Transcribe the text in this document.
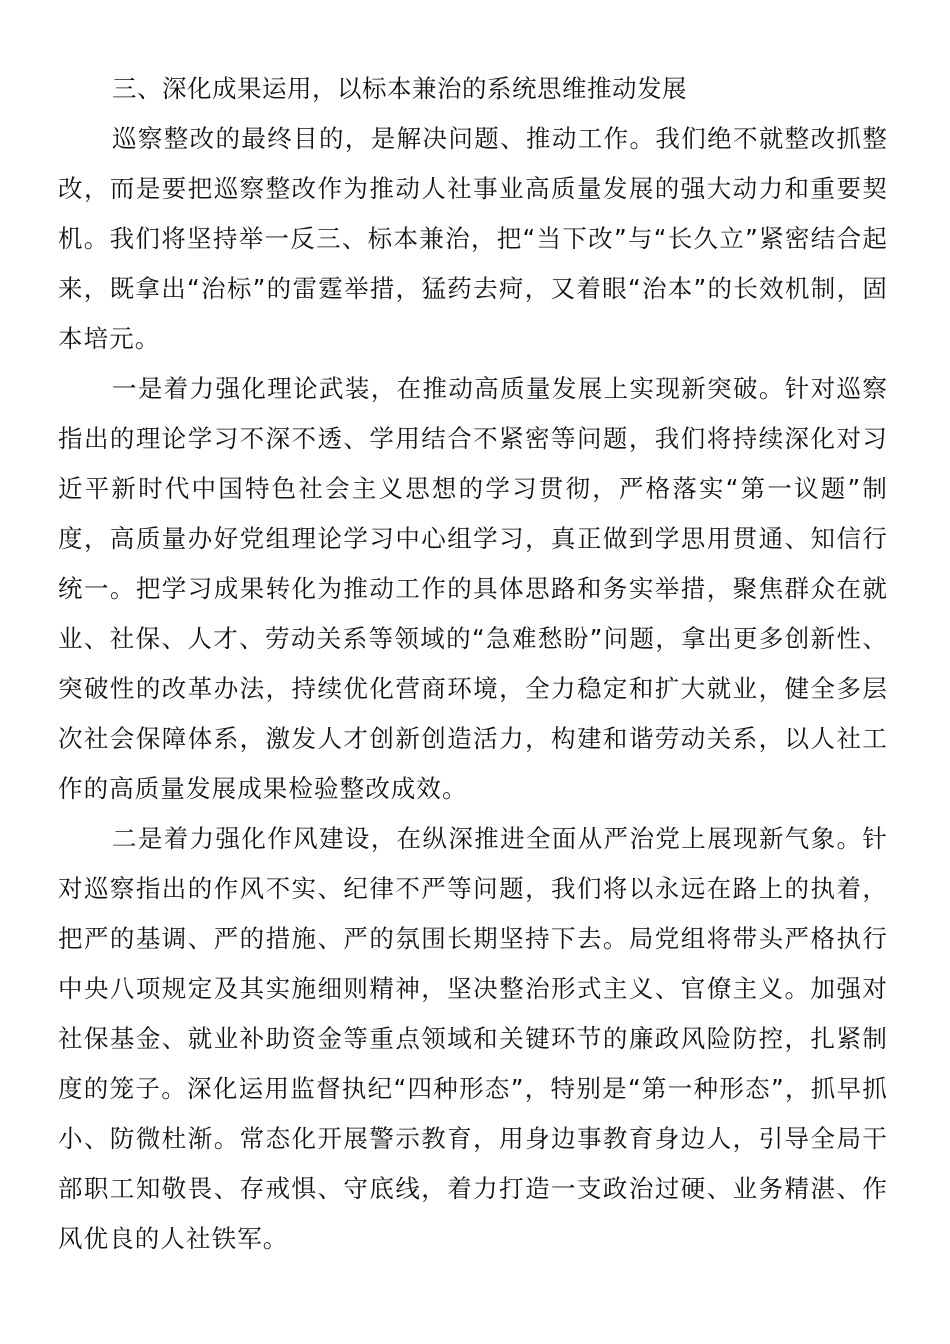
三、深化成果运用，以标本兼治的系统思维推动发展

巡察整改的最终目的，是解决问题、推动工作。我们绝不就整改抓整改，而是要把巡察整改作为推动人社事业高质量发展的强大动力和重要契机。我们将坚持举一反三、标本兼治，把“当下改”与“长久立”紧密结合起来，既拿出“治标”的雷霆举措，猛药去疴，又着眼“治本”的长效机制，固本培元。

一是着力强化理论武装，在推动高质量发展上实现新突破。针对巡察指出的理论学习不深不透、学用结合不紧密等问题，我们将持续深化对习近平新时代中国特色社会主义思想的学习贯彻，严格落实“第一议题”制度，高质量办好党组理论学习中心组学习，真正做到学思用贯通、知信行统一。把学习成果转化为推动工作的具体思路和务实举措，聚焦群众在就业、社保、人才、劳动关系等领域的“急难愁盼”问题，拿出更多创新性、突破性的改革办法，持续优化营商环境，全力稳定和扩大就业，健全多层次社会保障体系，激发人才创新创造活力，构建和谐劳动关系，以人社工作的高质量发展成果检验整改成效。

二是着力强化作风建设，在纵深推进全面从严治党上展现新气象。针对巡察指出的作风不实、纪律不严等问题，我们将以永远在路上的执着，把严的基调、严的措施、严的氛围长期坚持下去。局党组将带头严格执行中央八项规定及其实施细则精神，坚决整治形式主义、官僚主义。加强对社保基金、就业补助资金等重点领域和关键环节的廉政风险防控，扎紧制度的笼子。深化运用监督执纪“四种形态”，特别是“第一种形态”，抓早抓小、防微杜渐。常态化开展警示教育，用身边事教育身边人，引导全局干部职工知敬畏、存戒惧、守底线，着力打造一支政治过硬、业务精湛、作风优良的人社铁军。
